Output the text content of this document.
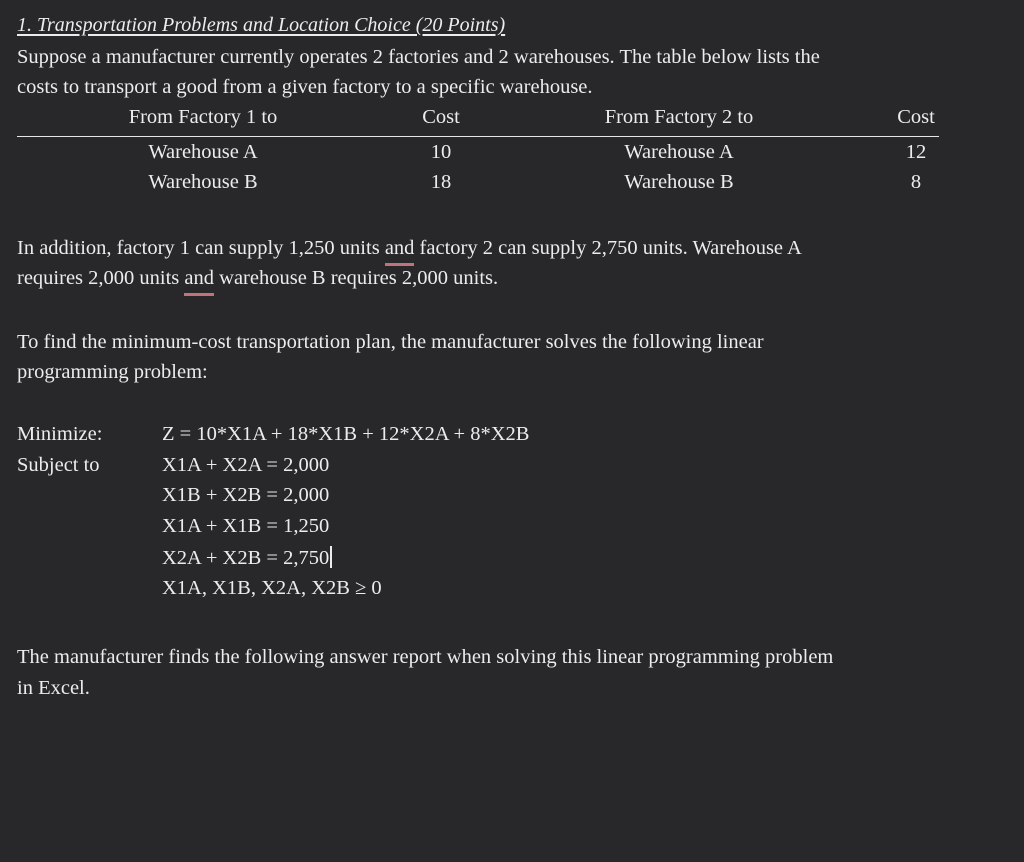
1. Transportation Problems and Location Choice (20 Points)
Suppose a manufacturer currently operates 2 factories and 2 warehouses. The table below lists the
costs to transport a good from a given factory to a specific warehouse.
From Factory 1 to	Cost	From Factory 2 to	Cost
Warehouse A	10	Warehouse A	12
Warehouse B	18	Warehouse B	8
In addition, factory 1 can supply 1,250 units and factory 2 can supply 2,750 units. Warehouse A
requires 2,000 units and warehouse B requires 2,000 units.
To find the minimum-cost transportation plan, the manufacturer solves the following linear
programming problem:
Minimize:	Z = 10*X1A + 18*X1B + 12*X2A + 8*X2B
Subject to	X1A + X2A = 2,000
X1B + X2B = 2,000
X1A + X1B = 1,250
X2A + X2B = 2,750
X1A, X1B, X2A, X2B ≥ 0
The manufacturer finds the following answer report when solving this linear programming problem
in Excel.
